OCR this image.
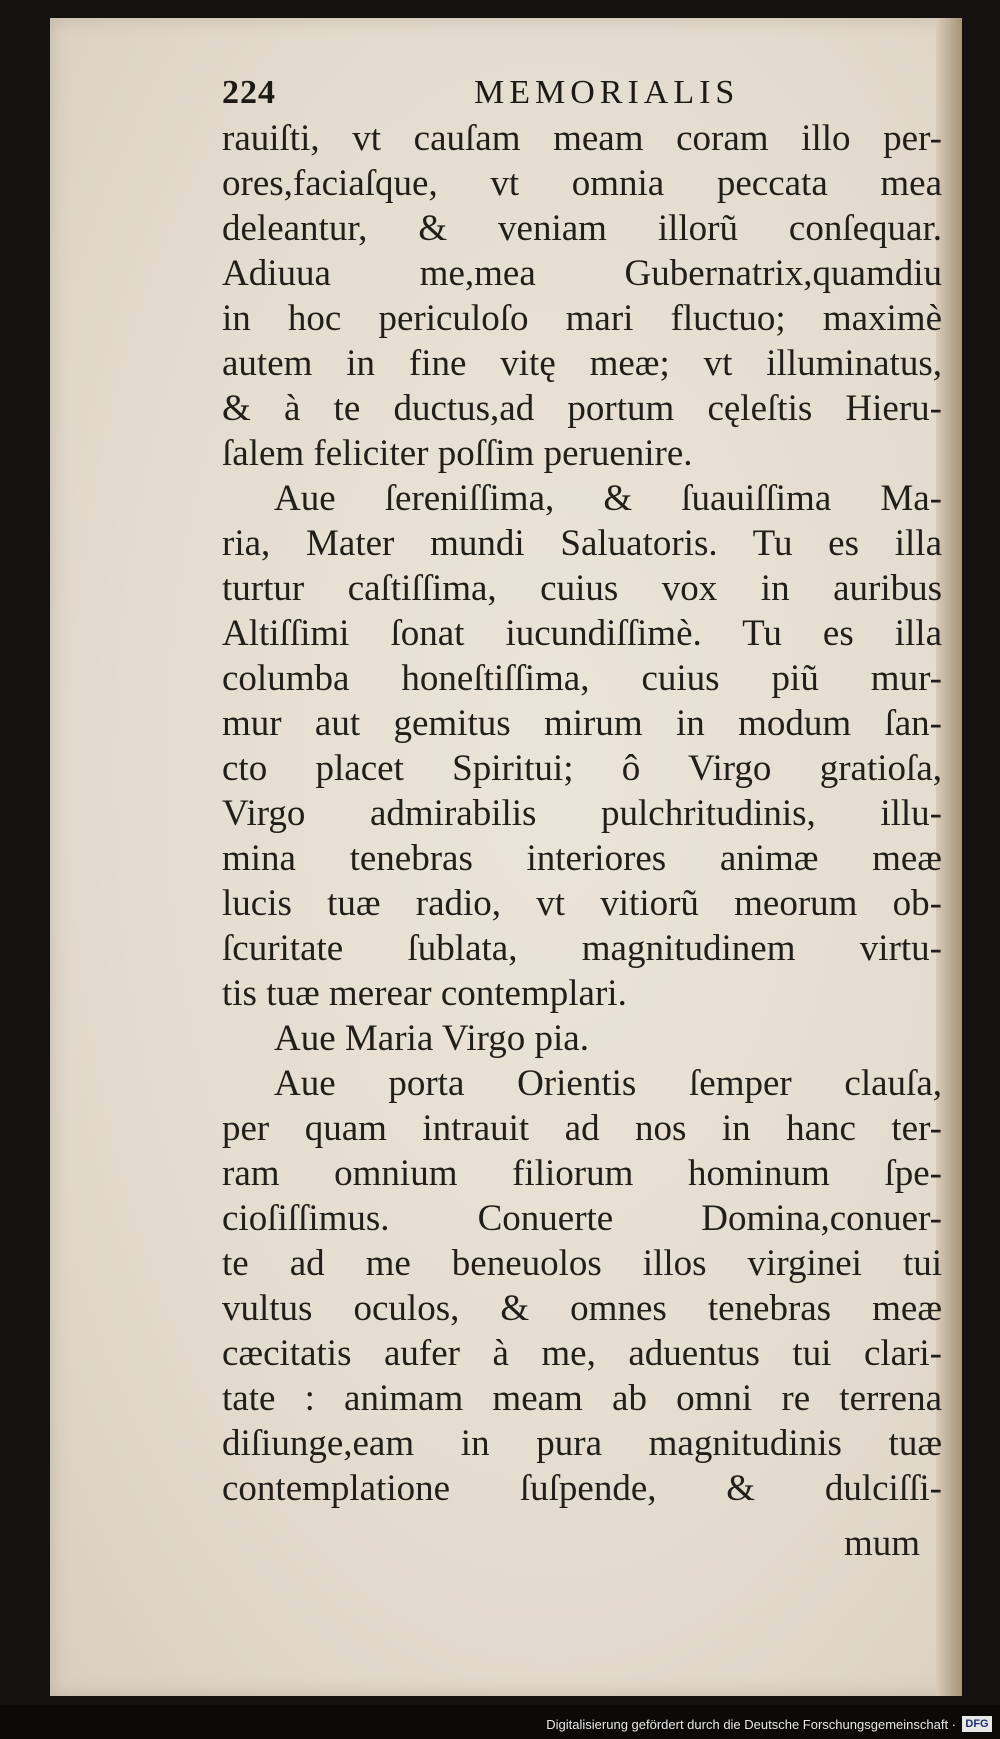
224	MEMORIALIS
rauiſti, vt cauſam meam coram illo per-
ores,faciaſque, vt omnia peccata mea
deleantur, & veniam illorũ conſequar.
Adiuua me,mea Gubernatrix,quamdiu
in hoc periculoſo mari fluctuo; maximè
autem in fine vitę meæ; vt illuminatus,
& à te ductus,ad portum cęleſtis Hieru-
ſalem feliciter poſſim peruenire.
Aue ſereniſſima, & ſuauiſſima Ma-
ria, Mater mundi Saluatoris. Tu es illa
turtur caſtiſſima, cuius vox in auribus
Altiſſimi ſonat iucundiſſimè. Tu es illa
columba honeſtiſſima, cuius piũ mur-
mur aut gemitus mirum in modum ſan-
cto placet Spiritui; ô Virgo gratioſa,
Virgo admirabilis pulchritudinis, illu-
mina tenebras interiores animæ meæ
lucis tuæ radio, vt vitiorũ meorum ob-
ſcuritate ſublata, magnitudinem virtu-
tis tuæ merear contemplari.
Aue Maria Virgo pia.
Aue porta Orientis ſemper clauſa,
per quam intrauit ad nos in hanc ter-
ram omnium filiorum hominum ſpe-
cioſiſſimus. Conuerte Domina,conuer-
te ad me beneuolos illos virginei tui
vultus oculos, & omnes tenebras meæ
cæcitatis aufer à me, aduentus tui clari-
tate : animam meam ab omni re terrena
diſiunge,eam in pura magnitudinis tuæ
contemplatione ſuſpende, & dulciſſi-
mum
Digitalisierung gefördert durch die Deutsche Forschungsgemeinschaft · DFG
